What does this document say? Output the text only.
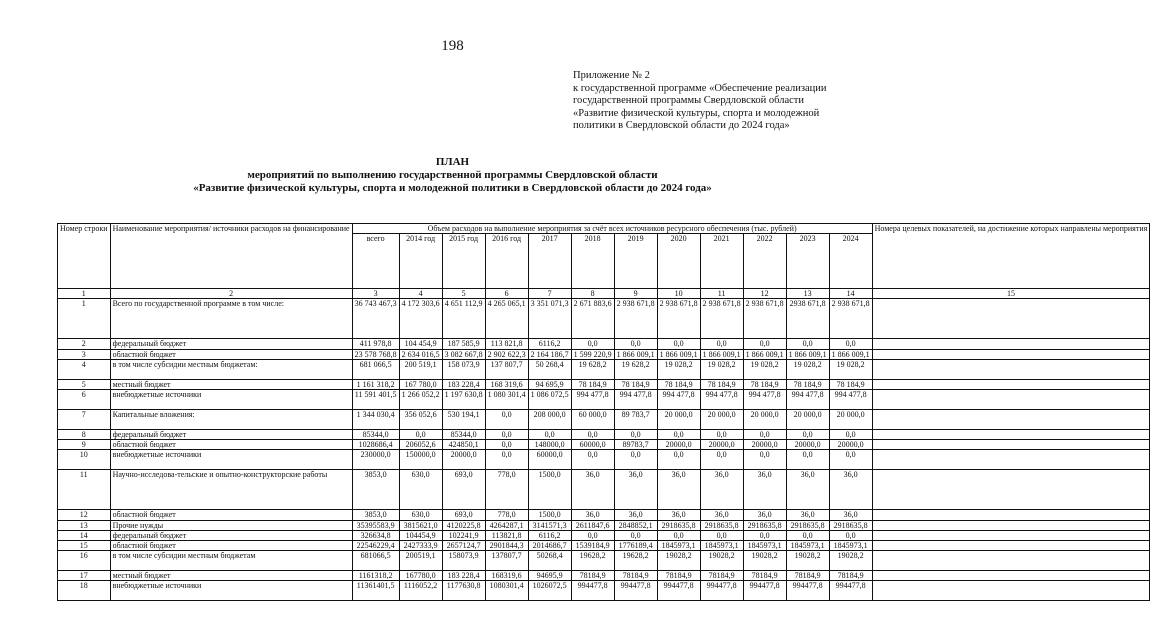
198
Приложение № 2
к государственной программе «Обеспечение реализации
государственной программы Свердловской области
«Развитие физической культуры, спорта и молодежной
политики в Свердловской области до 2024 года»
ПЛАН
мероприятий по выполнению государственной программы Свердловской области
«Развитие физической культуры, спорта и молодежной политики в Свердловской области до 2024 года»
Номер строки	Наименование мероприятия/ источники расходов на финансирование	Объем расходов на выполнение мероприятия за счёт всех источников ресурсного обеспечения (тыс. рублей)												Номера целевых показателей, на достижение которых направлены мероприятия
		всего	2014 год	2015 год	2016 год	2017	2018	2019	2020	2021	2022	2023	2024	
1	2	3	4	5	6	7	8	9	10	11	12	13	14	15
1	Всего по государственной программе в том числе:	36 743 467,3	4 172 303,6	4 651 112,9	4 265 065,1	3 351 071,3	2 671 883,6	2 938 671,8	2 938 671,8	2 938 671,8	2 938 671,8	2938 671,8	2 938 671,8	
2	федеральный бюджет	411 978,8	104 454,9	187 585,9	113 821,8	6116,2	0,0	0,0	0,0	0,0	0,0	0,0	0,0	
3	областной бюджет	23 578 768,8	2 634 016,5	3 082 667,8	2 902 622,3	2 164 186,7	1 599 220,9	1 866 009,1	1 866 009,1	1 866 009,1	1 866 009,1	1 866 009,1	1 866 009,1	
4	в том числе субсидии местным бюджетам:	681 066,5	200 519,1	158 073,9	137 807,7	50 268,4	19 628,2	19 628,2	19 028,2	19 028,2	19 028,2	19 028,2	19 028,2	
5	местный бюджет	1 161 318,2	167 780,0	183 228,4	168 319,6	94 695,9	78 184,9	78 184,9	78 184,9	78 184,9	78 184,9	78 184,9	78 184,9	
6	внебюджетные источники	11 591 401,5	1 266 052,2	1 197 630,8	1 080 301,4	1 086 072,5	994 477,8	994 477,8	994 477,8	994 477,8	994 477,8	994 477,8	994 477,8	
7	Капитальные вложения:	1 344 030,4	356 052,6	530 194,1	0,0	208 000,0	60 000,0	89 783,7	20 000,0	20 000,0	20 000,0	20 000,0	20 000,0	
8	федеральный бюджет	85344,0	0,0	85344,0	0,0	0,0	0,0	0,0	0,0	0,0	0,0	0,0	0,0	
9	областной бюджет	1028686,4	206052,6	424850,1	0,0	148000,0	60000,0	89783,7	20000,0	20000,0	20000,0	20000,0	20000,0	
10	внебюджетные источники	230000,0	150000,0	20000,0	0,0	60000,0	0,0	0,0	0,0	0,0	0,0	0,0	0,0	
11	Научно-исследова-тельские и опытно-конструкторские работы	3853,0	630,0	693,0	778,0	1500,0	36,0	36,0	36,0	36,0	36,0	36,0	36,0	
12	областной бюджет	3853,0	630,0	693,0	778,0	1500,0	36,0	36,0	36,0	36,0	36,0	36,0	36,0	
13	Прочие нужды	35395583,9	3815621,0	4120225,8	4264287,1	3141571,3	2611847,6	2848852,1	2918635,8	2918635,8	2918635,8	2918635,8	2918635,8	
14	федеральный бюджет	326634,8	104454,9	102241,9	113821,8	6116,2	0,0	0,0	0,0	0,0	0,0	0,0	0,0	
15	областной бюджет	22546229,4	2427333,9	2657124,7	2901844,3	2014686,7	1539184,9	1776189,4	1845973,1	1845973,1	1845973,1	1845973,1	1845973,1	
16	в том числе субсидии местным бюджетам	681066,5	200519,1	158073,9	137807,7	50268,4	19628,2	19628,2	19028,2	19028,2	19028,2	19028,2	19028,2	
17	местный бюджет	1161318,2	167780,0	183 228,4	168319,6	94695,9	78184,9	78184,9	78184,9	78184,9	78184,9	78184,9	78184,9	
18	внебюджетные источники	11361401,5	1116052,2	1177630,8	1080301,4	1026072,5	994477,8	994477,8	994477,8	994477,8	994477,8	994477,8	994477,8	
